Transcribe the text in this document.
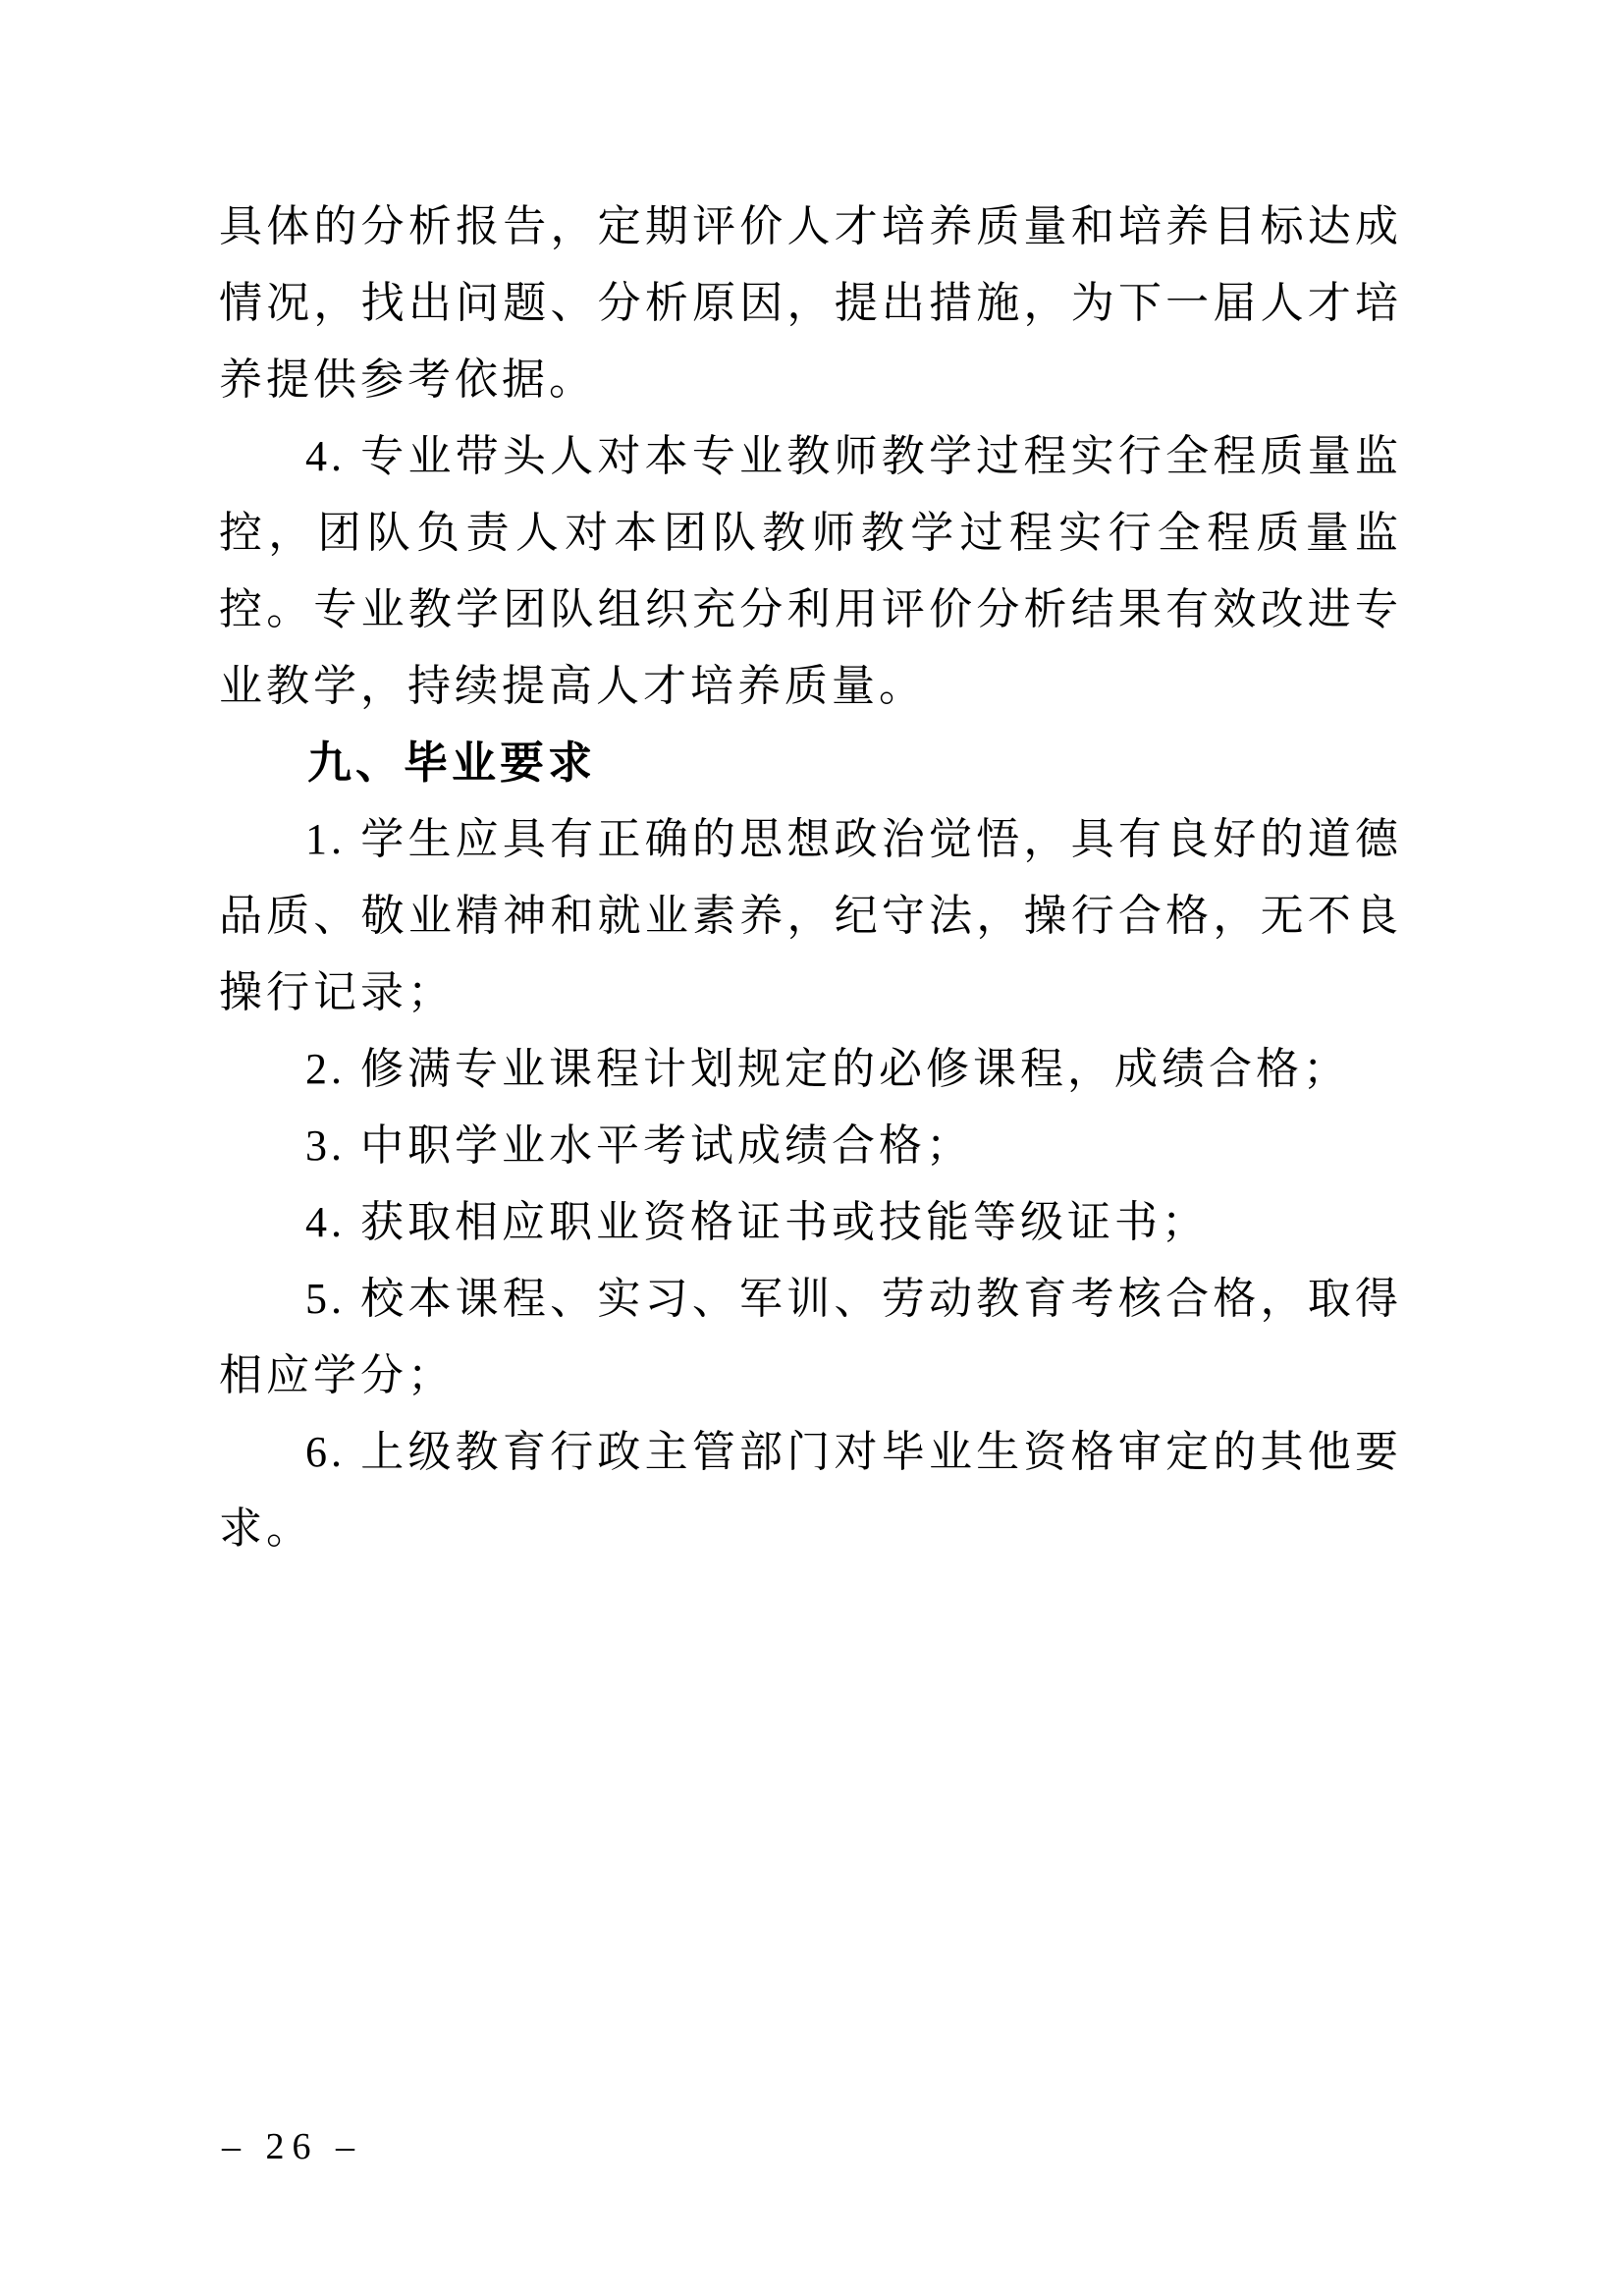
具体的分析报告，定期评价人才培养质量和培养目标达成情况，找出问题、分析原因，提出措施，为下一届人才培养提供参考依据。

4. 专业带头人对本专业教师教学过程实行全程质量监控，团队负责人对本团队教师教学过程实行全程质量监控。专业教学团队组织充分利用评价分析结果有效改进专业教学，持续提高人才培养质量。

九、毕业要求

1. 学生应具有正确的思想政治觉悟，具有良好的道德品质、敬业精神和就业素养，纪守法，操行合格，无不良操行记录；

2. 修满专业课程计划规定的必修课程，成绩合格；

3. 中职学业水平考试成绩合格；

4. 获取相应职业资格证书或技能等级证书；

5. 校本课程、实习、军训、劳动教育考核合格，取得相应学分；

6. 上级教育行政主管部门对毕业生资格审定的其他要求。

– 26 –
